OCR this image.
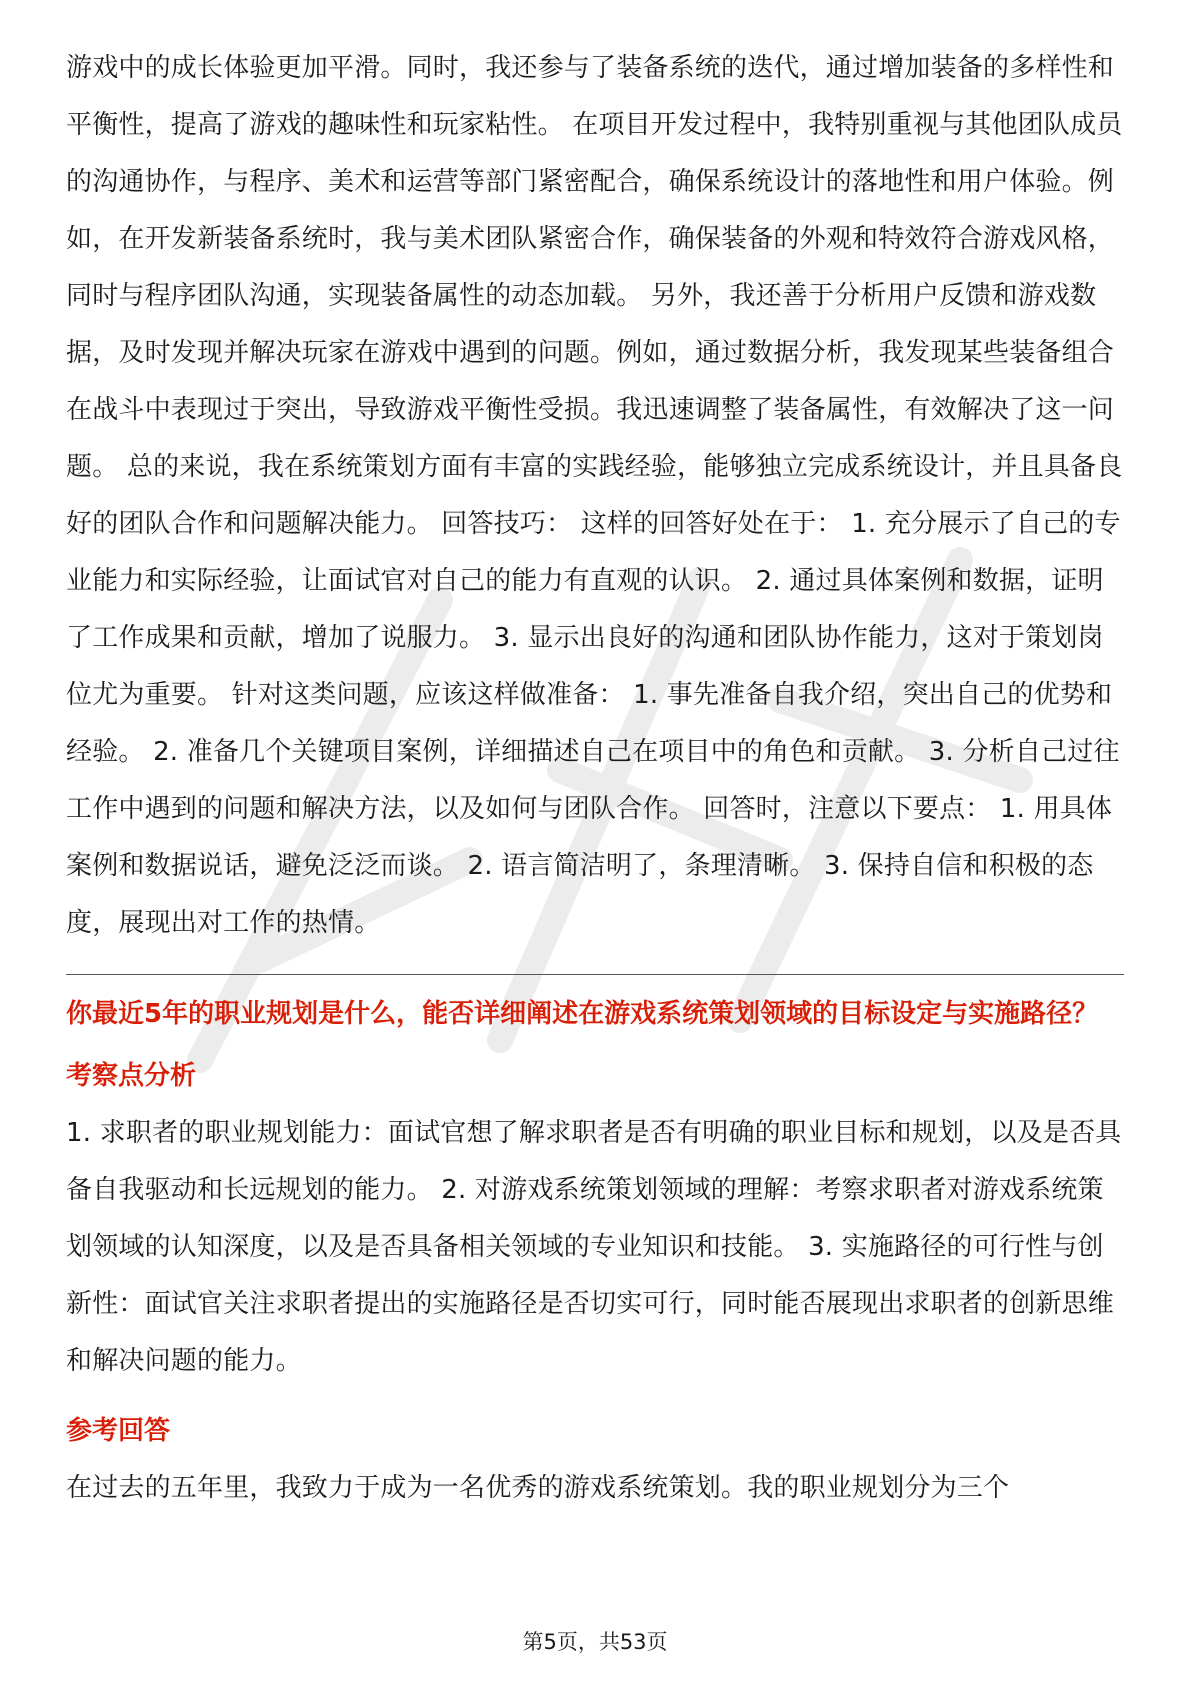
游戏中的成长体验更加平滑。同时，我还参与了装备系统的迭代，通过增加装备的多样性和平衡性，提高了游戏的趣味性和玩家粘性。 在项目开发过程中，我特别重视与其他团队成员的沟通协作，与程序、美术和运营等部门紧密配合，确保系统设计的落地性和用户体验。例如，在开发新装备系统时，我与美术团队紧密合作，确保装备的外观和特效符合游戏风格，同时与程序团队沟通，实现装备属性的动态加载。 另外，我还善于分析用户反馈和游戏数据，及时发现并解决玩家在游戏中遇到的问题。例如，通过数据分析，我发现某些装备组合在战斗中表现过于突出，导致游戏平衡性受损。我迅速调整了装备属性，有效解决了这一问题。 总的来说，我在系统策划方面有丰富的实践经验，能够独立完成系统设计，并且具备良好的团队合作和问题解决能力。 回答技巧： 这样的回答好处在于： 1. 充分展示了自己的专业能力和实际经验，让面试官对自己的能力有直观的认识。 2. 通过具体案例和数据，证明了工作成果和贡献，增加了说服力。 3. 显示出良好的沟通和团队协作能力，这对于策划岗位尤为重要。 针对这类问题，应该这样做准备： 1. 事先准备自我介绍，突出自己的优势和经验。 2. 准备几个关键项目案例，详细描述自己在项目中的角色和贡献。 3. 分析自己过往工作中遇到的问题和解决方法，以及如何与团队合作。 回答时，注意以下要点： 1. 用具体案例和数据说话，避免泛泛而谈。 2. 语言简洁明了，条理清晰。 3. 保持自信和积极的态度，展现出对工作的热情。

你最近5年的职业规划是什么，能否详细阐述在游戏系统策划领域的目标设定与实施路径？

考察点分析

1. 求职者的职业规划能力：面试官想了解求职者是否有明确的职业目标和规划，以及是否具备自我驱动和长远规划的能力。 2. 对游戏系统策划领域的理解：考察求职者对游戏系统策划领域的认知深度，以及是否具备相关领域的专业知识和技能。 3. 实施路径的可行性与创新性：面试官关注求职者提出的实施路径是否切实可行，同时能否展现出求职者的创新思维和解决问题的能力。

参考回答

在过去的五年里，我致力于成为一名优秀的游戏系统策划。我的职业规划分为三个

第5页，共53页
